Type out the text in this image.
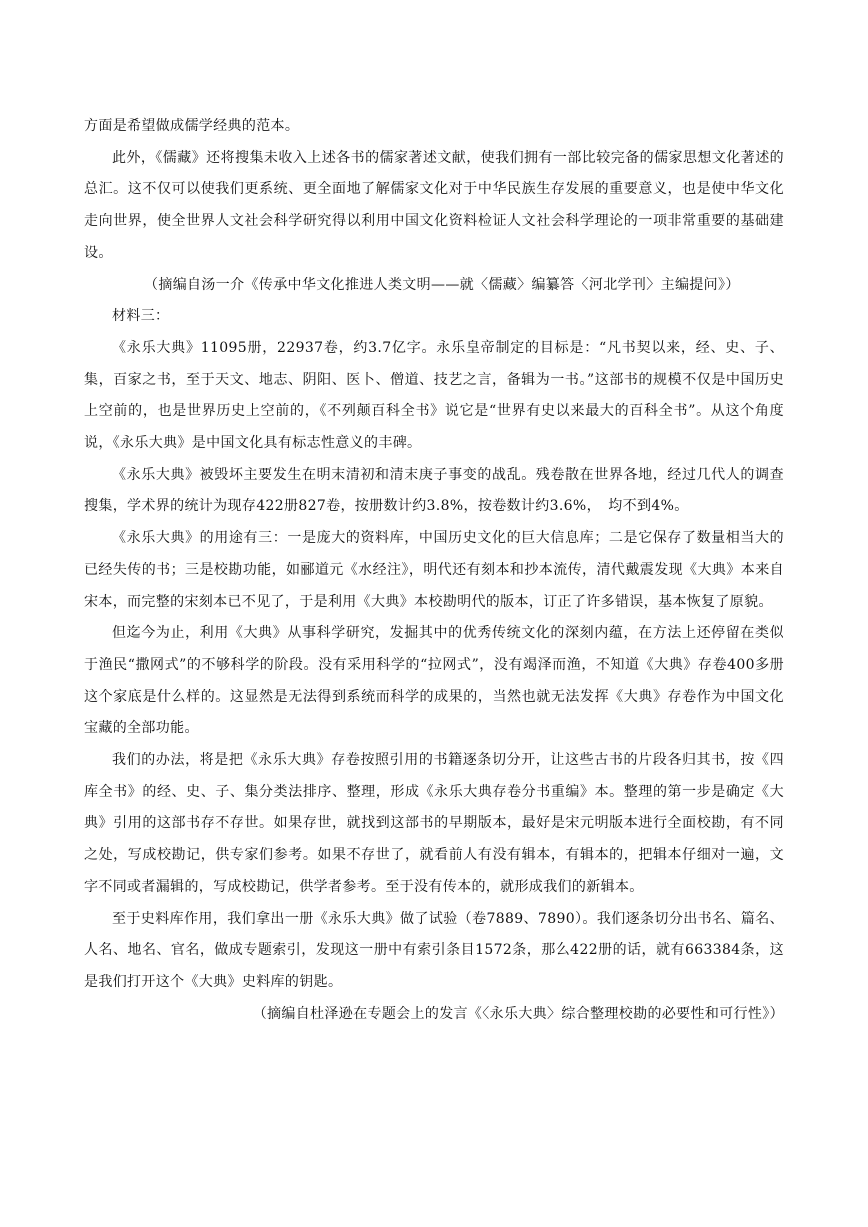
方面是希望做成儒学经典的范本。

此外，《儒藏》还将搜集未收入上述各书的儒家著述文献，使我们拥有一部比较完备的儒家思想文化著述的总汇。这不仅可以使我们更系统、更全面地了解儒家文化对于中华民族生存发展的重要意义，也是使中华文化走向世界，使全世界人文社会科学研究得以利用中国文化资料检证人文社会科学理论的一项非常重要的基础建设。

（摘编自汤一介《传承中华文化推进人类文明——就〈儒藏〉编纂答〈河北学刊〉主编提问》）

材料三：

《永乐大典》11095册，22937卷，约3.7亿字。永乐皇帝制定的目标是：“凡书契以来，经、史、子、集，百家之书，至于天文、地志、阴阳、医卜、僧道、技艺之言，备辑为一书。”这部书的规模不仅是中国历史上空前的，也是世界历史上空前的，《不列颠百科全书》说它是“世界有史以来最大的百科全书”。从这个角度说，《永乐大典》是中国文化具有标志性意义的丰碑。

《永乐大典》被毁坏主要发生在明末清初和清末庚子事变的战乱。残卷散在世界各地，经过几代人的调查搜集，学术界的统计为现存422册827卷，按册数计约3.8%，按卷数计约3.6%，　均不到4%。

《永乐大典》的用途有三：一是庞大的资料库，中国历史文化的巨大信息库；二是它保存了数量相当大的已经失传的书；三是校勘功能，如郦道元《水经注》，明代还有刻本和抄本流传，清代戴震发现《大典》本来自宋本，而完整的宋刻本已不见了，于是利用《大典》本校勘明代的版本，订正了许多错误，基本恢复了原貌。

但迄今为止，利用《大典》从事科学研究，发掘其中的优秀传统文化的深刻内蕴，在方法上还停留在类似于渔民“撒网式”的不够科学的阶段。没有采用科学的“拉网式”，没有竭泽而渔，不知道《大典》存卷400多册这个家底是什么样的。这显然是无法得到系统而科学的成果的，当然也就无法发挥《大典》存卷作为中国文化宝藏的全部功能。

我们的办法，将是把《永乐大典》存卷按照引用的书籍逐条切分开，让这些古书的片段各归其书，按《四库全书》的经、史、子、集分类法排序、整理，形成《永乐大典存卷分书重编》本。整理的第一步是确定《大典》引用的这部书存不存世。如果存世，就找到这部书的早期版本，最好是宋元明版本进行全面校勘，有不同之处，写成校勘记，供专家们参考。如果不存世了，就看前人有没有辑本，有辑本的，把辑本仔细对一遍，文字不同或者漏辑的，写成校勘记，供学者参考。至于没有传本的，就形成我们的新辑本。

至于史料库作用，我们拿出一册《永乐大典》做了试验（卷7889、7890）。我们逐条切分出书名、篇名、人名、地名、官名，做成专题索引，发现这一册中有索引条目1572条，那么422册的话，就有663384条，这是我们打开这个《大典》史料库的钥匙。

（摘编自杜泽逊在专题会上的发言《〈永乐大典〉综合整理校勘的必要性和可行性》）
